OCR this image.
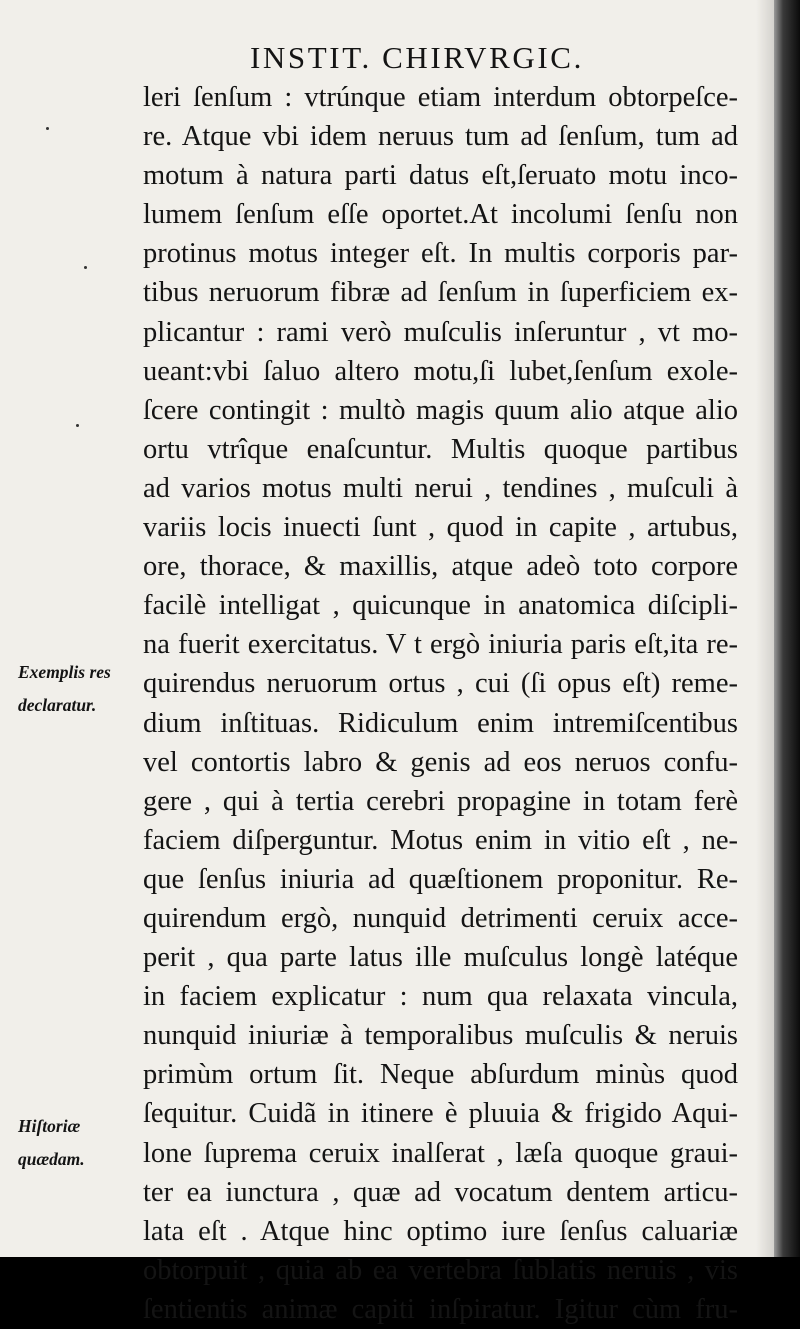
INSTIT. CHIRVRGIC.
leri ſenſum : vtrúnque etiam interdum obtorpeſce-
re. Atque vbi idem neruus tum ad ſenſum, tum ad
motum à natura parti datus eſt,ſeruato motu inco-
lumem ſenſum eſſe oportet.At incolumi ſenſu non
protinus motus integer eſt. In multis corporis par-
tibus neruorum fibræ ad ſenſum in ſuperficiem ex-
plicantur : rami verò muſculis inſeruntur , vt mo-
ueant:vbi ſaluo altero motu,ſi lubet,ſenſum exole-
ſcere contingit : multò magis quum alio atque alio
ortu vtrîque enaſcuntur. Multis quoque partibus
ad varios motus multi nerui , tendines , muſculi à
variis locis inuecti ſunt , quod in capite , artubus,
ore, thorace, & maxillis, atque adeò toto corpore
facilè intelligat , quicunque in anatomica diſcipli-
na fuerit exercitatus. V t ergò iniuria paris eſt,ita re-
quirendus neruorum ortus , cui (ſi opus eſt) reme-
dium inſtituas. Ridiculum enim intremiſcentibus
vel contortis labro & genis ad eos neruos confu-
gere , qui à tertia cerebri propagine in totam ferè
faciem diſperguntur. Motus enim in vitio eſt , ne-
que ſenſus iniuria ad quæſtionem proponitur. Re-
quirendum ergò, nunquid detrimenti ceruix acce-
perit , qua parte latus ille muſculus longè latéque
in faciem explicatur : num qua relaxata vincula,
nunquid iniuriæ à temporalibus muſculis & neruis
primùm ortum ſit. Neque abſurdum minùs quod
ſequitur. Cuidã in itinere è pluuia & frigido Aqui-
lone ſuprema ceruix inalſerat , læſa quoque graui-
ter ea iunctura , quæ ad vocatum dentem articu-
lata eſt . Atque hinc optimo iure ſenſus caluariæ
obtorpuit , quia ab ea vertebra ſublatis neruis , vis
ſentientis animæ capiti inſpiratur. Igitur cùm fru-
Exemplis res
declaratur.
Hiſtoriæ
quædam.
